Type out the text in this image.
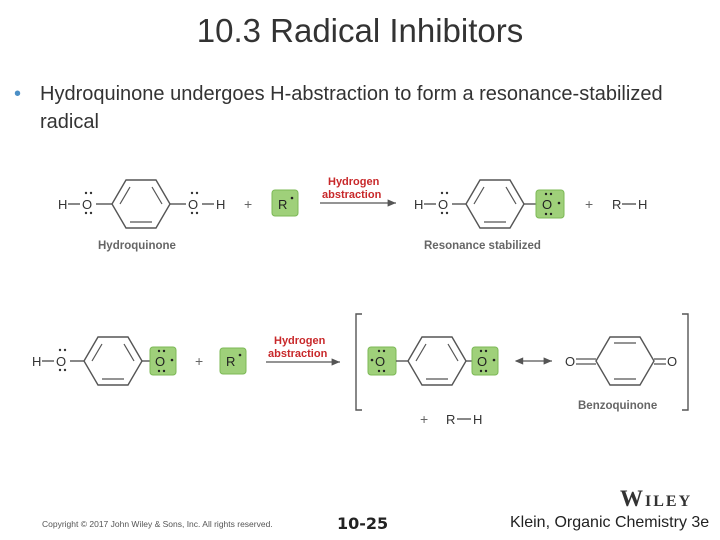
10.3 Radical Inhibitors
• Hydroquinone undergoes H-abstraction to form a resonance-stabilized radical
H O	O H
Hydroquinone
+ R
Hydrogen
abstraction
H O	O
Resonance stabilized
+ R H
H O	O + R
Hydrogen
abstraction	O	O	O	O
Benzoquinone
+ R H
Wiley
Copyright © 2017 John Wiley & Sons, Inc. All rights reserved.	10-25	Klein, Organic Chemistry 3e
